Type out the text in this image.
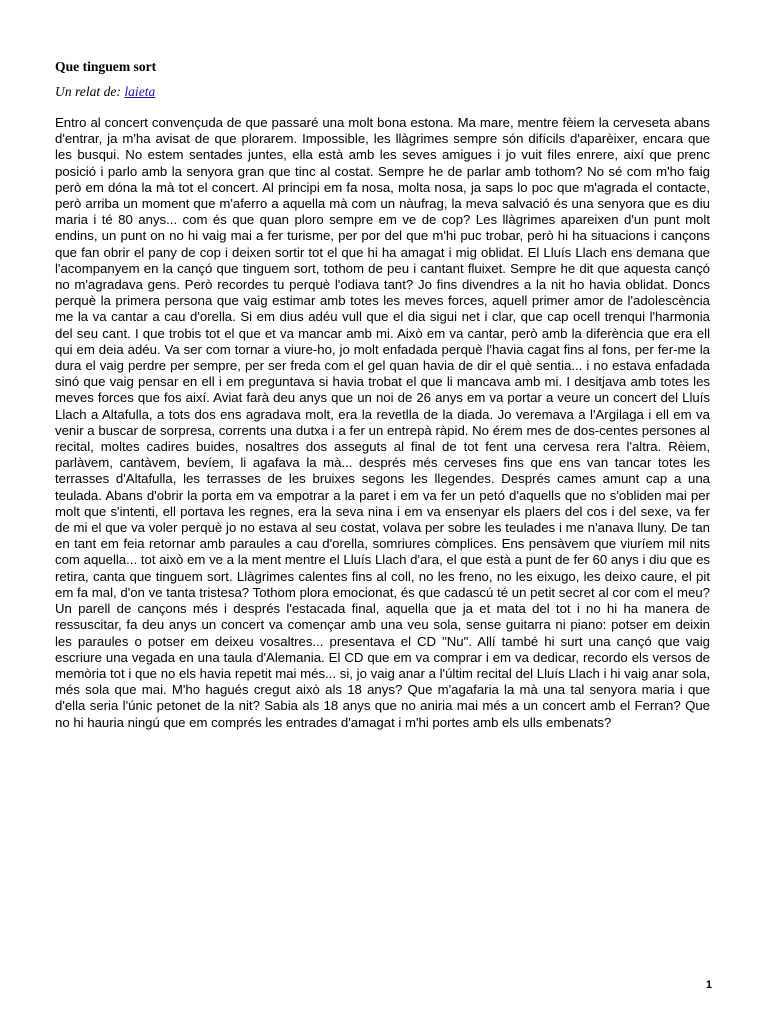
Que tinguem sort

Un relat de: laieta

Entro al concert convençuda de que passaré una molt bona estona. Ma mare, mentre fèiem la cerveseta abans d'entrar, ja m'ha avisat de que plorarem. Impossible, les llàgrimes sempre són difícils d'aparèixer, encara que les busqui. No estem sentades juntes, ella està amb les seves amigues i jo vuit files enrere, així que prenc posició i parlo amb la senyora gran que tinc al costat. Sempre he de parlar amb tothom? No sé com m'ho faig però em dóna la mà tot el concert. Al principi em fa nosa, molta nosa, ja saps lo poc que m'agrada el contacte, però arriba un moment que m'aferro a aquella mà com un nàufrag, la meva salvació és una senyora que es diu maria i té 80 anys... com és que quan ploro sempre em ve de cop? Les llàgrimes apareixen d'un punt molt endins, un punt on no hi vaig mai a fer turisme, per por del que m'hi puc trobar, però hi ha situacions i cançons que fan obrir el pany de cop i deixen sortir tot el que hi ha amagat i mig oblidat. El Lluís Llach ens demana que l'acompanyem en la cançó que tinguem sort, tothom de peu i cantant fluixet. Sempre he dit que aquesta cançó no m'agradava gens. Però recordes tu perquè l'odiava tant? Jo fins divendres a la nit ho havia oblidat. Doncs perquè la primera persona que vaig estimar amb totes les meves forces, aquell primer amor de l'adolescència me la va cantar a cau d'orella. Si em dius adéu vull que el dia sigui net i clar, que cap ocell trenqui l'harmonia del seu cant. I que trobis tot el que et va mancar amb mi. Això em va cantar, però amb la diferència que era ell qui em deia adéu. Va ser com tornar a viure-ho, jo molt enfadada perquè l'havia cagat fins al fons, per fer-me la dura el vaig perdre per sempre, per ser freda com el gel quan havia de dir el què sentia... i no estava enfadada sinó que vaig pensar en ell i em preguntava si havia trobat el que li mancava amb mi. I desitjava amb totes les meves forces que fos així. Aviat farà deu anys que un noi de 26 anys em va portar a veure un concert del Lluís Llach a Altafulla, a tots dos ens agradava molt, era la revetlla de la diada. Jo veremava a l'Argilaga i ell em va venir a buscar de sorpresa, corrents una dutxa i a fer un entrepà ràpid. No érem mes de dos-centes persones al recital, moltes cadires buides, nosaltres dos asseguts al final de tot fent una cervesa rera l'altra. Rèiem, parlàvem, cantàvem, bevíem, li agafava la mà... després més cerveses fins que ens van tancar totes les terrasses d'Altafulla, les terrasses de les bruixes segons les llegendes. Després cames amunt cap a una teulada. Abans d'obrir la porta em va empotrar a la paret i em va fer un petó d'aquells que no s'obliden mai per molt que s'intenti, ell portava les regnes, era la seva nina i em va ensenyar els plaers del cos i del sexe, va fer de mi el que va voler perquè jo no estava al seu costat, volava per sobre les teulades i me n'anava lluny. De tan en tant em feia retornar amb paraules a cau d'orella, somriures còmplices. Ens pensàvem que viuríem mil nits com aquella... tot això em ve a la ment mentre el Lluís Llach d'ara, el que està a punt de fer 60 anys i diu que es retira, canta que tinguem sort. Llàgrimes calentes fins al coll, no les freno, no les eixugo, les deixo caure, el pit em fa mal, d'on ve tanta tristesa? Tothom plora emocionat, és que cadascú té un petit secret al cor com el meu? Un parell de cançons més i després l'estacada final, aquella que ja et mata del tot i no hi ha manera de ressuscitar, fa deu anys un concert va començar amb una veu sola, sense guitarra ni piano: potser em deixin les paraules o potser em deixeu vosaltres... presentava el CD "Nu". Allí també hi surt una cançó que vaig escriure una vegada en una taula d'Alemania. El CD que em va comprar i em va dedicar, recordo els versos de memòria tot i que no els havia repetit mai més... si, jo vaig anar a l'últim recital del Lluís Llach i hi vaig anar sola, més sola que mai. M'ho hagués cregut això als 18 anys? Que m'agafaria la mà una tal senyora maria i que d'ella seria l'únic petonet de la nit? Sabia als 18 anys que no aniria mai més a un concert amb el Ferran? Que no hi hauria ningú que em comprés les entrades d'amagat i m'hi portes amb els ulls embenats?

1
